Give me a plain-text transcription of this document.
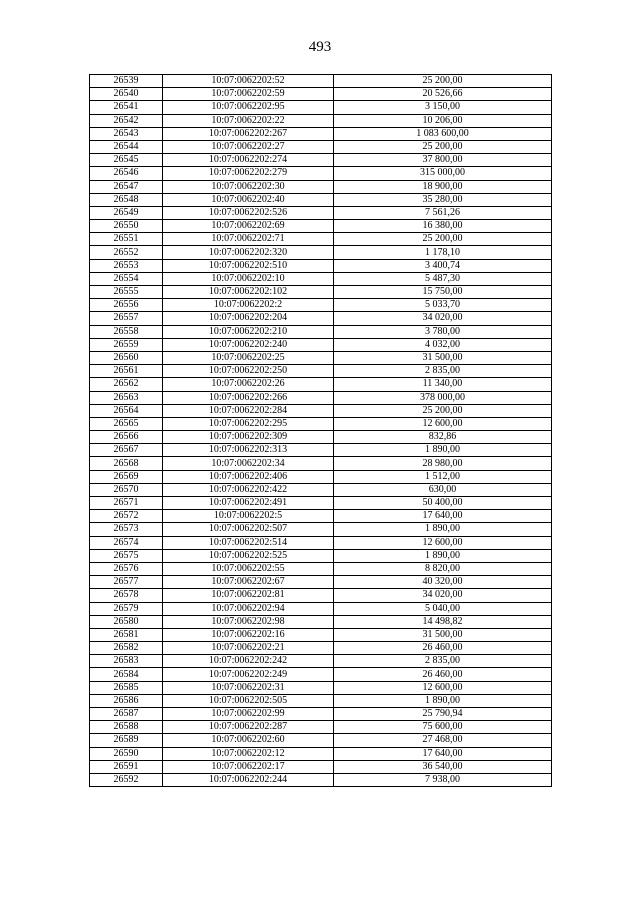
493
26539	10:07:0062202:52	25 200,00
26540	10:07:0062202:59	20 526,66
26541	10:07:0062202:95	3 150,00
26542	10:07:0062202:22	10 206,00
26543	10:07:0062202:267	1 083 600,00
26544	10:07:0062202:27	25 200,00
26545	10:07:0062202:274	37 800,00
26546	10:07:0062202:279	315 000,00
26547	10:07:0062202:30	18 900,00
26548	10:07:0062202:40	35 280,00
26549	10:07:0062202:526	7 561,26
26550	10:07:0062202:69	16 380,00
26551	10:07:0062202:71	25 200,00
26552	10:07:0062202:320	1 178,10
26553	10:07:0062202:510	3 400,74
26554	10:07:0062202:10	5 487,30
26555	10:07:0062202:102	15 750,00
26556	10:07:0062202:2	5 033,70
26557	10:07:0062202:204	34 020,00
26558	10:07:0062202:210	3 780,00
26559	10:07:0062202:240	4 032,00
26560	10:07:0062202:25	31 500,00
26561	10:07:0062202:250	2 835,00
26562	10:07:0062202:26	11 340,00
26563	10:07:0062202:266	378 000,00
26564	10:07:0062202:284	25 200,00
26565	10:07:0062202:295	12 600,00
26566	10:07:0062202:309	832,86
26567	10:07:0062202:313	1 890,00
26568	10:07:0062202:34	28 980,00
26569	10:07:0062202:406	1 512,00
26570	10:07:0062202:422	630,00
26571	10:07:0062202:491	50 400,00
26572	10:07:0062202:5	17 640,00
26573	10:07:0062202:507	1 890,00
26574	10:07:0062202:514	12 600,00
26575	10:07:0062202:525	1 890,00
26576	10:07:0062202:55	8 820,00
26577	10:07:0062202:67	40 320,00
26578	10:07:0062202:81	34 020,00
26579	10:07:0062202:94	5 040,00
26580	10:07:0062202:98	14 498,82
26581	10:07:0062202:16	31 500,00
26582	10:07:0062202:21	26 460,00
26583	10:07:0062202:242	2 835,00
26584	10:07:0062202:249	26 460,00
26585	10:07:0062202:31	12 600,00
26586	10:07:0062202:505	1 890,00
26587	10:07:0062202:99	25 790,94
26588	10:07:0062202:287	75 600,00
26589	10:07:0062202:60	27 468,00
26590	10:07:0062202:12	17 640,00
26591	10:07:0062202:17	36 540,00
26592	10:07:0062202:244	7 938,00
